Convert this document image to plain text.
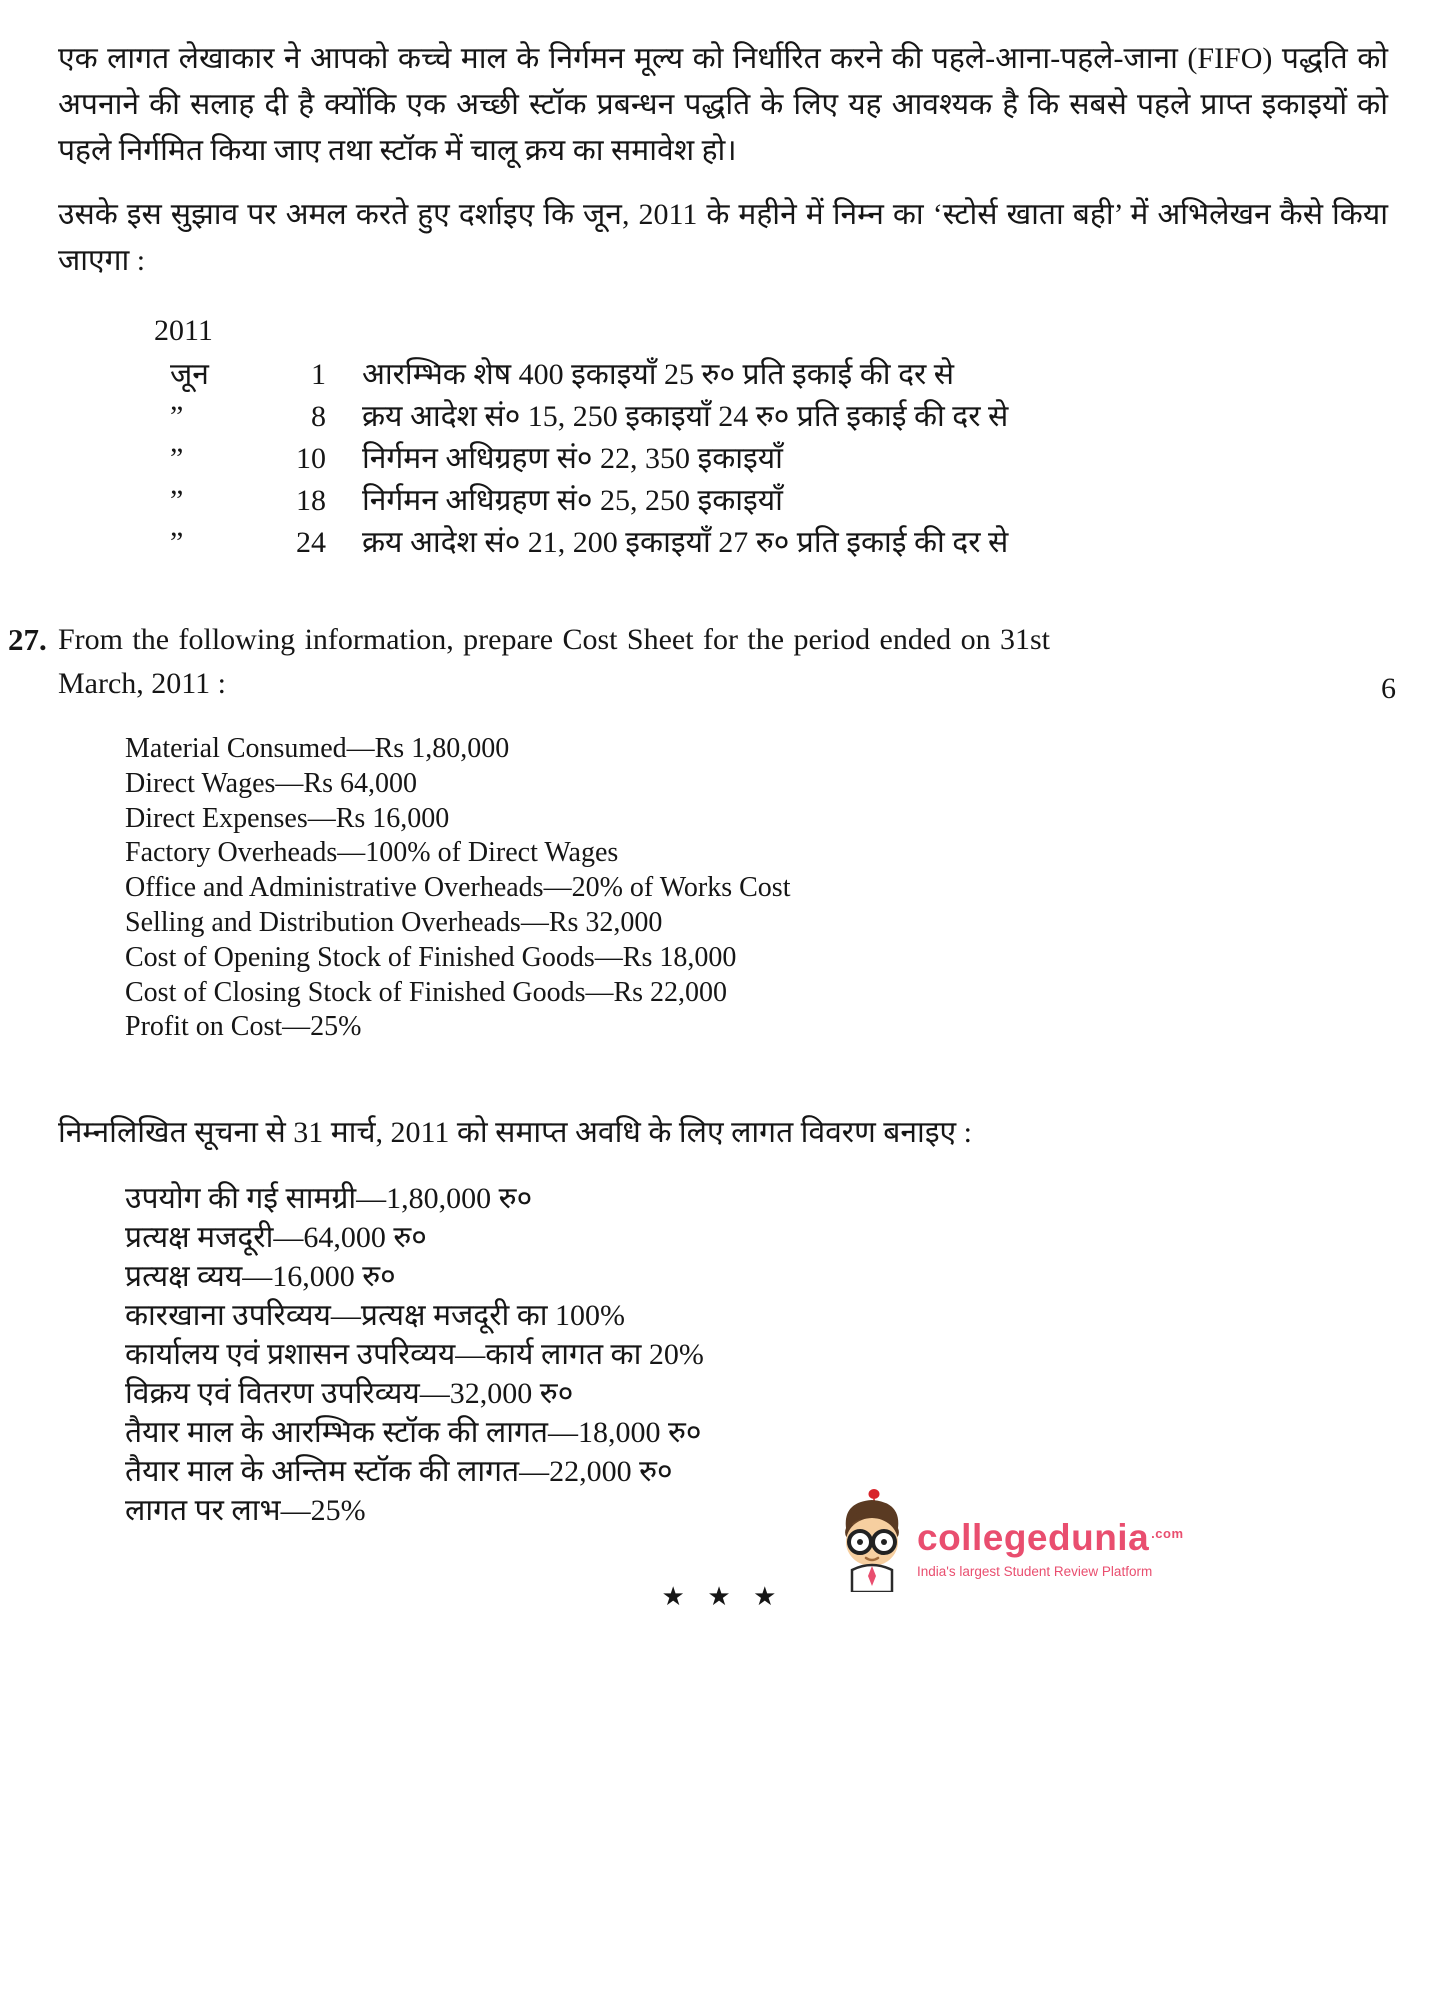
एक लागत लेखाकार ने आपको कच्चे माल के निर्गमन मूल्य को निर्धारित करने की पहले-आना-पहले-जाना (FIFO) पद्धति को अपनाने की सलाह दी है क्योंकि एक अच्छी स्टॉक प्रबन्धन पद्धति के लिए यह आवश्यक है कि सबसे पहले प्राप्त इकाइयों को पहले निर्गमित किया जाए तथा स्टॉक में चालू क्रय का समावेश हो।

उसके इस सुझाव पर अमल करते हुए दर्शाइए कि जून, 2011 के महीने में निम्न का ‘स्टोर्स खाता बही’ में अभिलेखन कैसे किया जाएगा :

2011
जून	1 आरम्भिक शेष 400 इकाइयाँ 25 रु० प्रति इकाई की दर से
”	8 क्रय आदेश सं० 15, 250 इकाइयाँ 24 रु० प्रति इकाई की दर से
”	10 निर्गमन अधिग्रहण सं० 22, 350 इकाइयाँ
”	18 निर्गमन अधिग्रहण सं० 25, 250 इकाइयाँ
”	24 क्रय आदेश सं० 21, 200 इकाइयाँ 27 रु० प्रति इकाई की दर से
27. From the following information, prepare Cost Sheet for the period ended on 31st March, 2011 :	6
Material Consumed—Rs 1,80,000
Direct Wages—Rs 64,000
Direct Expenses—Rs 16,000
Factory Overheads—100% of Direct Wages
Office and Administrative Overheads—20% of Works Cost
Selling and Distribution Overheads—Rs 32,000
Cost of Opening Stock of Finished Goods—Rs 18,000
Cost of Closing Stock of Finished Goods—Rs 22,000
Profit on Cost—25%
निम्नलिखित सूचना से 31 मार्च, 2011 को समाप्त अवधि के लिए लागत विवरण बनाइए :
उपयोग की गई सामग्री—1,80,000 रु०
प्रत्यक्ष मजदूरी—64,000 रु०
प्रत्यक्ष व्यय—16,000 रु०
कारखाना उपरिव्यय—प्रत्यक्ष मजदूरी का 100%
कार्यालय एवं प्रशासन उपरिव्यय—कार्य लागत का 20%
विक्रय एवं वितरण उपरिव्यय—32,000 रु०
तैयार माल के आरम्भिक स्टॉक की लागत—18,000 रु०
तैयार माल के अन्तिम स्टॉक की लागत—22,000 रु०
लागत पर लाभ—25%
★ ★ ★
collegedunia .com
India's largest Student Review Platform
